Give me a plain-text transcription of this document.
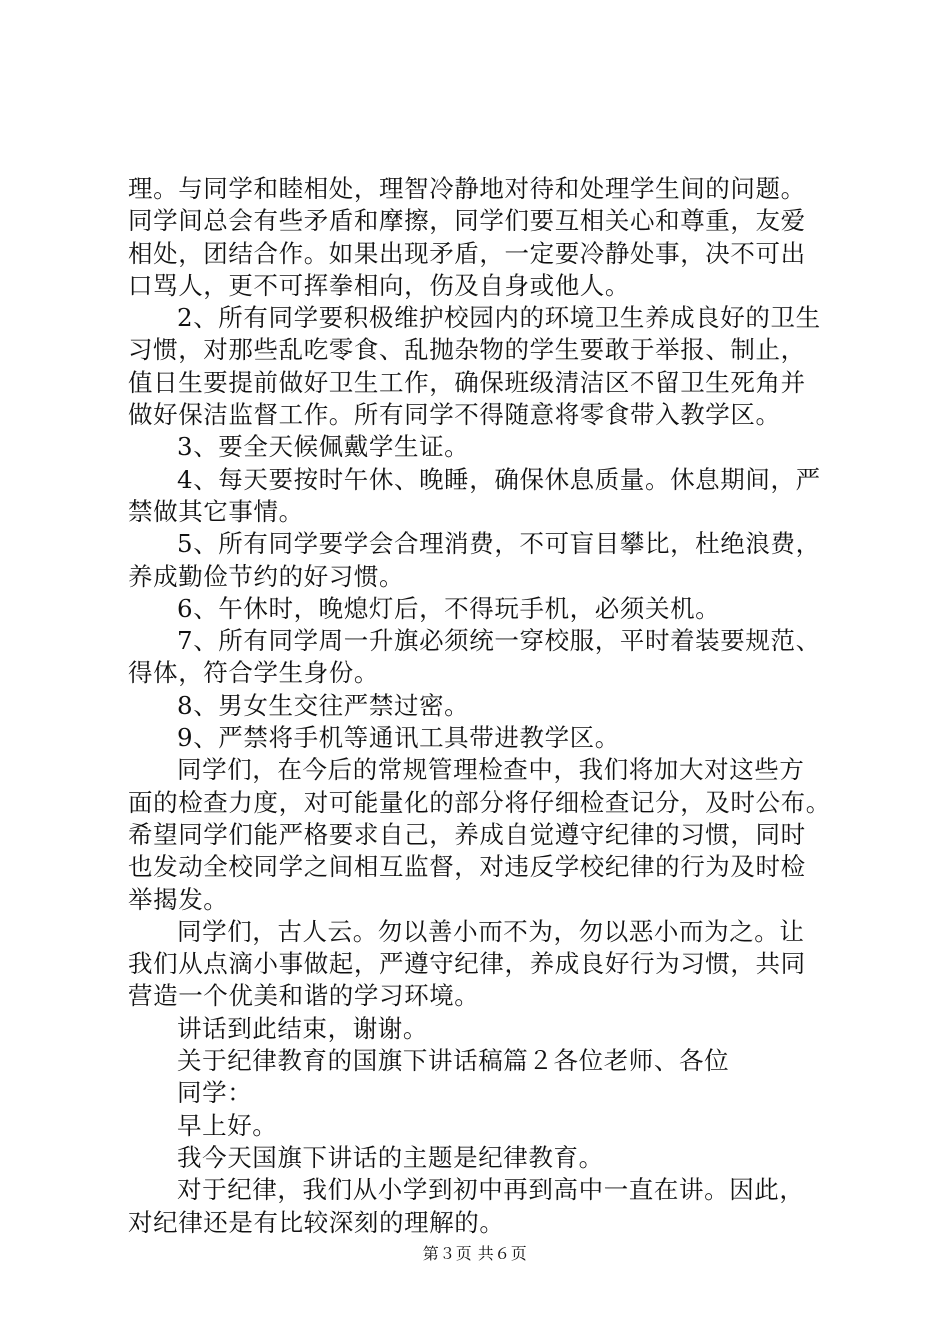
理。与同学和睦相处，理智冷静地对待和处理学生间的问题。
同学间总会有些矛盾和摩擦，同学们要互相关心和尊重，友爱
相处，团结合作。如果出现矛盾，一定要冷静处事，决不可出
口骂人，更不可挥拳相向，伤及自身或他人。
2、所有同学要积极维护校园内的环境卫生养成良好的卫生
习惯，对那些乱吃零食、乱抛杂物的学生要敢于举报、制止，
值日生要提前做好卫生工作，确保班级清洁区不留卫生死角并
做好保洁监督工作。所有同学不得随意将零食带入教学区。
3、要全天候佩戴学生证。
4、每天要按时午休、晚睡，确保休息质量。休息期间，严
禁做其它事情。
5、所有同学要学会合理消费，不可盲目攀比，杜绝浪费，
养成勤俭节约的好习惯。
6、午休时，晚熄灯后，不得玩手机，必须关机。
7、所有同学周一升旗必须统一穿校服，平时着装要规范、
得体，符合学生身份。
8、男女生交往严禁过密。
9、严禁将手机等通讯工具带进教学区。
同学们，在今后的常规管理检查中，我们将加大对这些方
面的检查力度，对可能量化的部分将仔细检查记分，及时公布。
希望同学们能严格要求自己，养成自觉遵守纪律的习惯，同时
也发动全校同学之间相互监督，对违反学校纪律的行为及时检
举揭发。
同学们，古人云。勿以善小而不为，勿以恶小而为之。让
我们从点滴小事做起，严遵守纪律，养成良好行为习惯，共同
营造一个优美和谐的学习环境。
讲话到此结束，谢谢。
关于纪律教育的国旗下讲话稿篇２各位老师、各位
同学：
早上好。
我今天国旗下讲话的主题是纪律教育。
对于纪律，我们从小学到初中再到高中一直在讲。因此，
对纪律还是有比较深刻的理解的。
第３页 共６页
